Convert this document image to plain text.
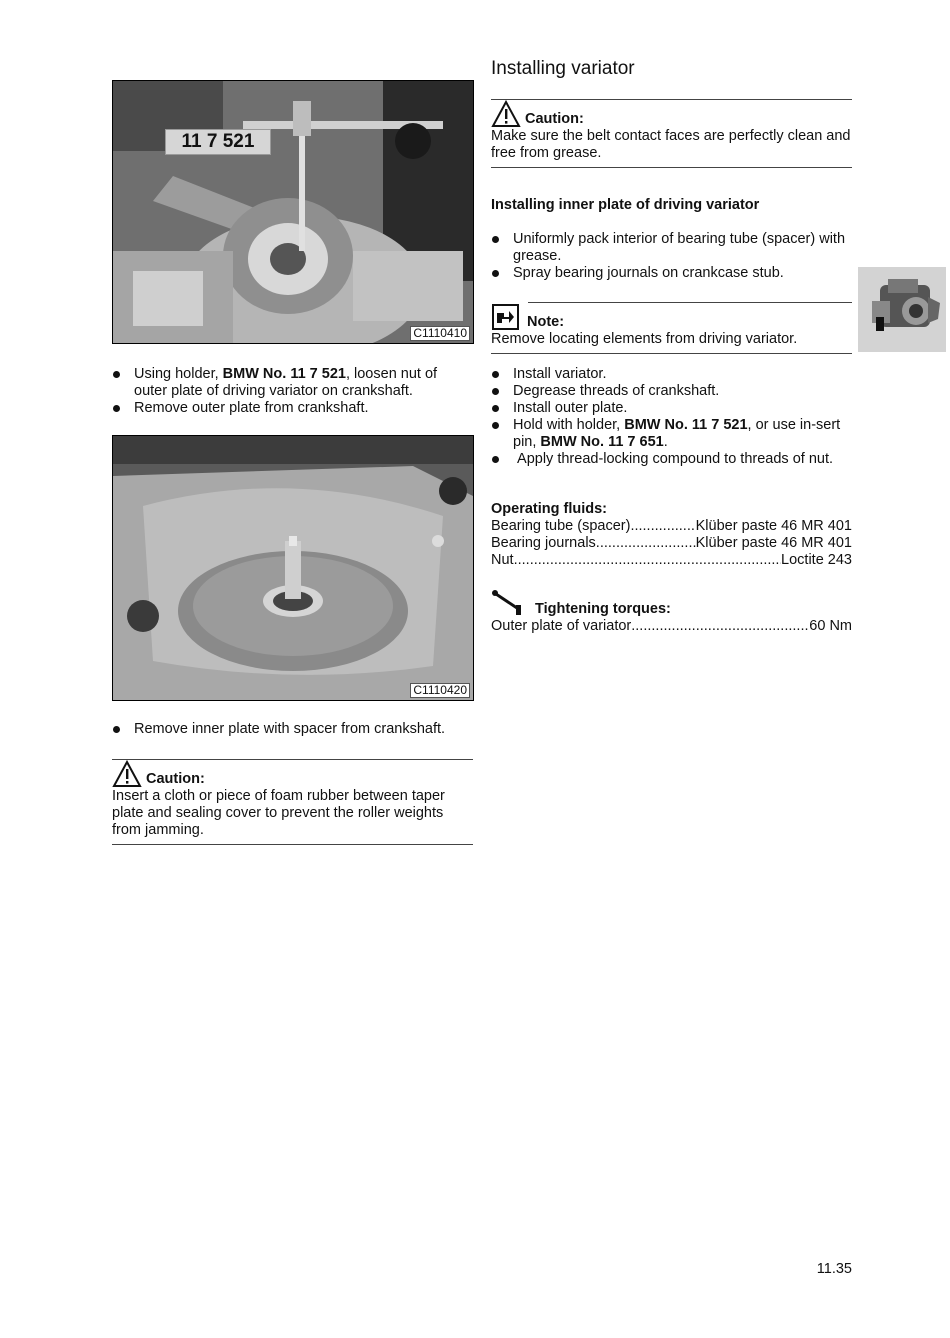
11 7 521
C1110410
Using holder, BMW No. 11 7 521, loosen nut of outer plate of driving variator on crankshaft.
Remove outer plate from crankshaft.
C1110420
Remove inner plate with spacer from crankshaft.
Caution:
Insert a cloth or piece of foam rubber between taper plate and sealing cover to prevent the roller weights from jamming.
Installing variator
Caution:
Make sure the belt contact faces are perfectly clean and free from grease.
Installing inner plate of driving variator
Uniformly pack interior of bearing tube (spacer) with grease.
Spray bearing journals on crankcase stub.
Note:
Remove locating elements from driving variator.
Install variator.
Degrease threads of crankshaft.
Install outer plate.
Hold with holder, BMW No. 11 7 521, or use in-sert pin, BMW No. 11 7 651.
Apply thread-locking compound to threads of nut.
Operating fluids:
Bearing tube (spacer) .....	Klüber paste 46 MR 401
Bearing journals .....	Klüber paste 46 MR 401
Nut .....	Loctite 243
Tightening torques:
Outer plate of variator .....	60 Nm
11.35
